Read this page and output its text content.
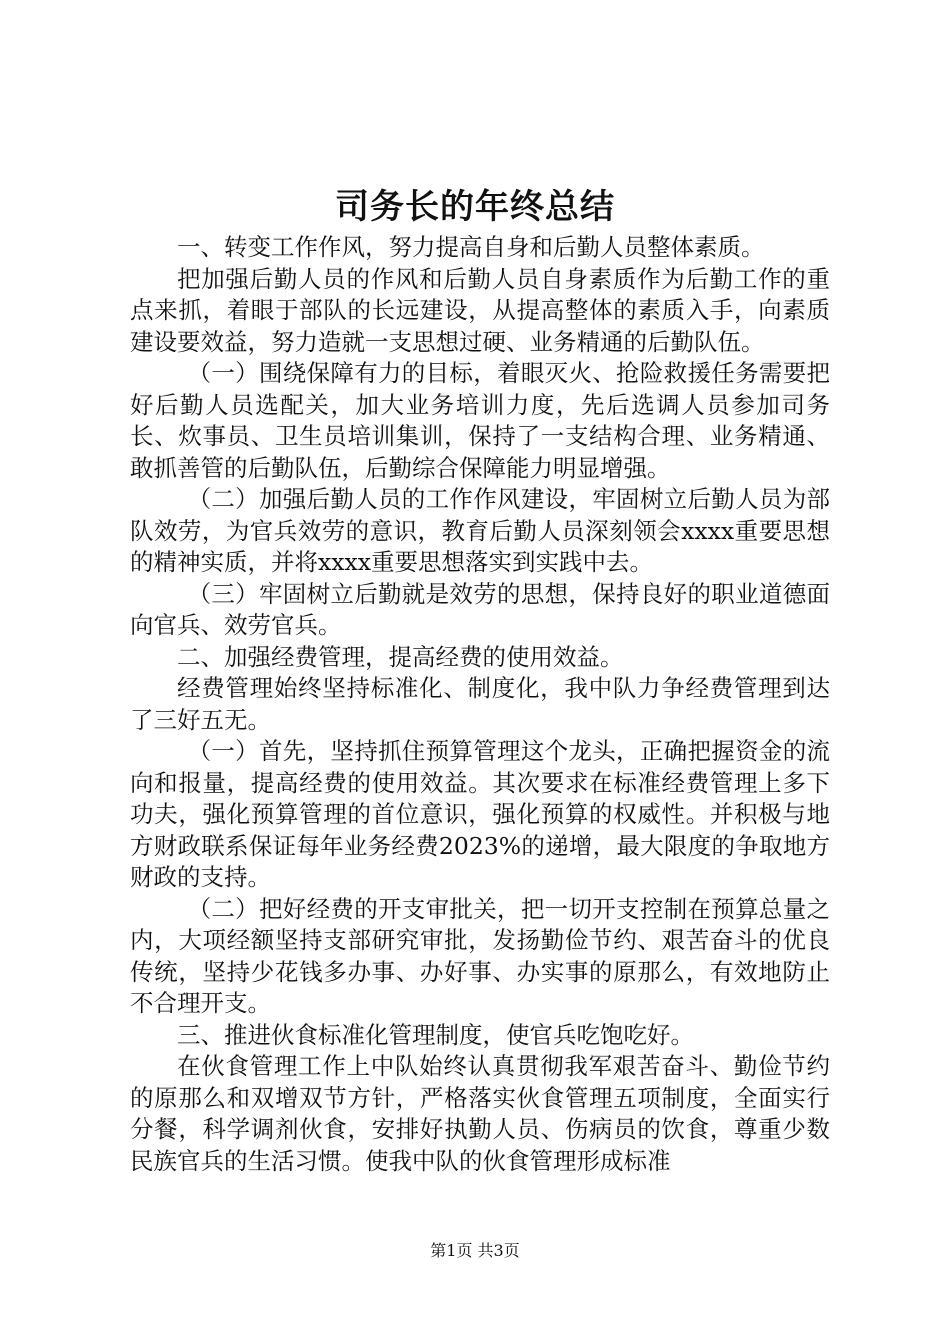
司务长的年终总结

一、转变工作作风，努力提高自身和后勤人员整体素质。

把加强后勤人员的作风和后勤人员自身素质作为后勤工作的重点来抓，着眼于部队的长远建设，从提高整体的素质入手，向素质建设要效益，努力造就一支思想过硬、业务精通的后勤队伍。

（一）围绕保障有力的目标，着眼灭火、抢险救援任务需要把好后勤人员选配关，加大业务培训力度，先后选调人员参加司务长、炊事员、卫生员培训集训，保持了一支结构合理、业务精通、敢抓善管的后勤队伍，后勤综合保障能力明显增强。

（二）加强后勤人员的工作作风建设，牢固树立后勤人员为部队效劳，为官兵效劳的意识，教育后勤人员深刻领会xxxx重要思想的精神实质，并将xxxx重要思想落实到实践中去。

（三）牢固树立后勤就是效劳的思想，保持良好的职业道德面向官兵、效劳官兵。

二、加强经费管理，提高经费的使用效益。

经费管理始终坚持标准化、制度化，我中队力争经费管理到达了三好五无。

（一）首先，坚持抓住预算管理这个龙头，正确把握资金的流向和报量，提高经费的使用效益。其次要求在标准经费管理上多下功夫，强化预算管理的首位意识，强化预算的权威性。并积极与地方财政联系保证每年业务经费2023%的递增，最大限度的争取地方财政的支持。

（二）把好经费的开支审批关，把一切开支控制在预算总量之内，大项经额坚持支部研究审批，发扬勤俭节约、艰苦奋斗的优良传统，坚持少花钱多办事、办好事、办实事的原那么，有效地防止不合理开支。

三、推进伙食标准化管理制度，使官兵吃饱吃好。

在伙食管理工作上中队始终认真贯彻我军艰苦奋斗、勤俭节约的原那么和双增双节方针，严格落实伙食管理五项制度，全面实行分餐，科学调剂伙食，安排好执勤人员、伤病员的饮食，尊重少数民族官兵的生活习惯。使我中队的伙食管理形成标准

第1页 共3页
